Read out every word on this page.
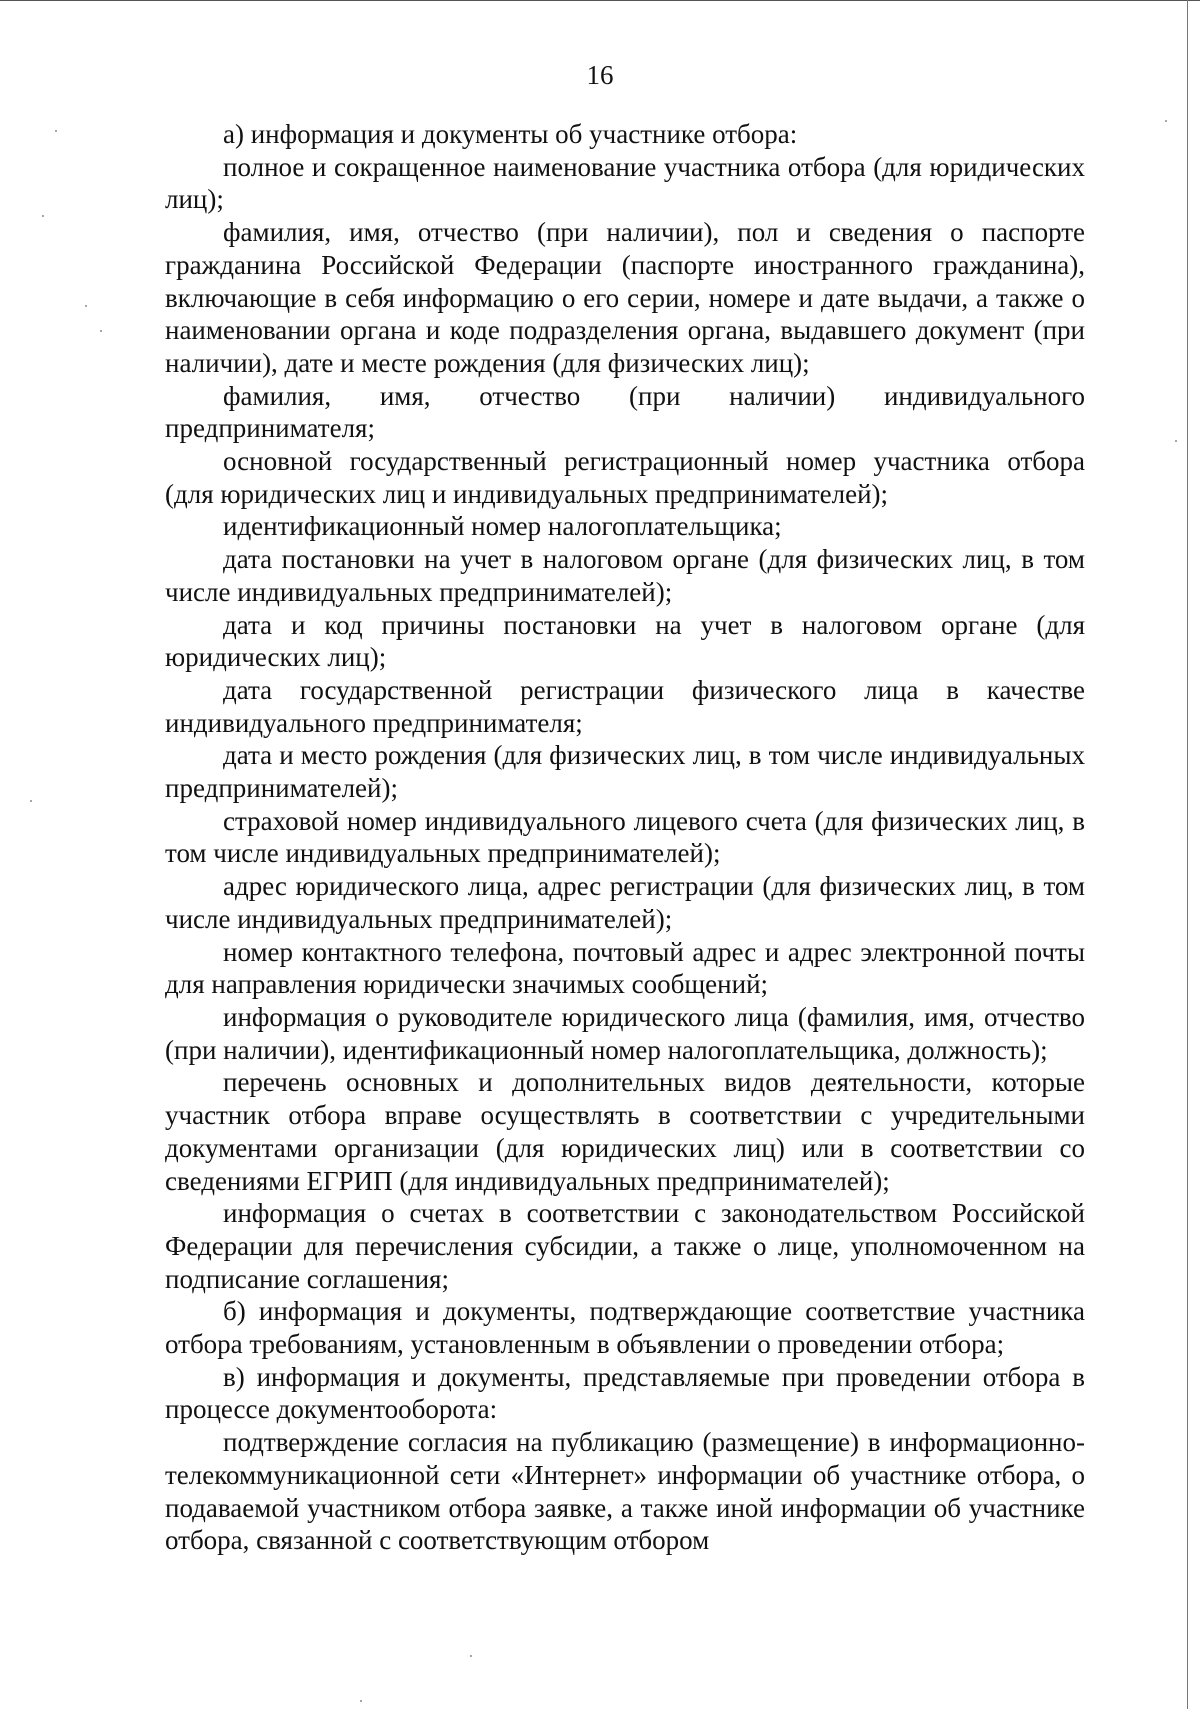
16

а) информация и документы об участнике отбора:

полное и сокращенное наименование участника отбора (для юридических лиц);

фамилия, имя, отчество (при наличии), пол и сведения о паспорте гражданина Российской Федерации (паспорте иностранного гражданина), включающие в себя информацию о его серии, номере и дате выдачи, а также о наименовании органа и коде подразделения органа, выдавшего документ (при наличии), дате и месте рождения (для физических лиц);

фамилия, имя, отчество (при наличии) индивидуального предпринимателя;

основной государственный регистрационный номер участника отбора (для юридических лиц и индивидуальных предпринимателей);

идентификационный номер налогоплательщика;

дата постановки на учет в налоговом органе (для физических лиц, в том числе индивидуальных предпринимателей);

дата и код причины постановки на учет в налоговом органе (для юридических лиц);

дата государственной регистрации физического лица в качестве индивидуального предпринимателя;

дата и место рождения (для физических лиц, в том числе индивидуальных предпринимателей);

страховой номер индивидуального лицевого счета (для физических лиц, в том числе индивидуальных предпринимателей);

адрес юридического лица, адрес регистрации (для физических лиц, в том числе индивидуальных предпринимателей);

номер контактного телефона, почтовый адрес и адрес электронной почты для направления юридически значимых сообщений;

информация о руководителе юридического лица (фамилия, имя, отчество (при наличии), идентификационный номер налогоплательщика, должность);

перечень основных и дополнительных видов деятельности, которые участник отбора вправе осуществлять в соответствии с учредительными документами организации (для юридических лиц) или в соответствии со сведениями ЕГРИП (для индивидуальных предпринимателей);

информация о счетах в соответствии с законодательством Российской Федерации для перечисления субсидии, а также о лице, уполномоченном на подписание соглашения;

б) информация и документы, подтверждающие соответствие участника отбора требованиям, установленным в объявлении о проведении отбора;

в) информация и документы, представляемые при проведении отбора в процессе документооборота:

подтверждение согласия на публикацию (размещение) в информационно-телекоммуникационной сети «Интернет» информации об участнике отбора, о подаваемой участником отбора заявке, а также иной информации об участнике отбора, связанной с соответствующим отбором
